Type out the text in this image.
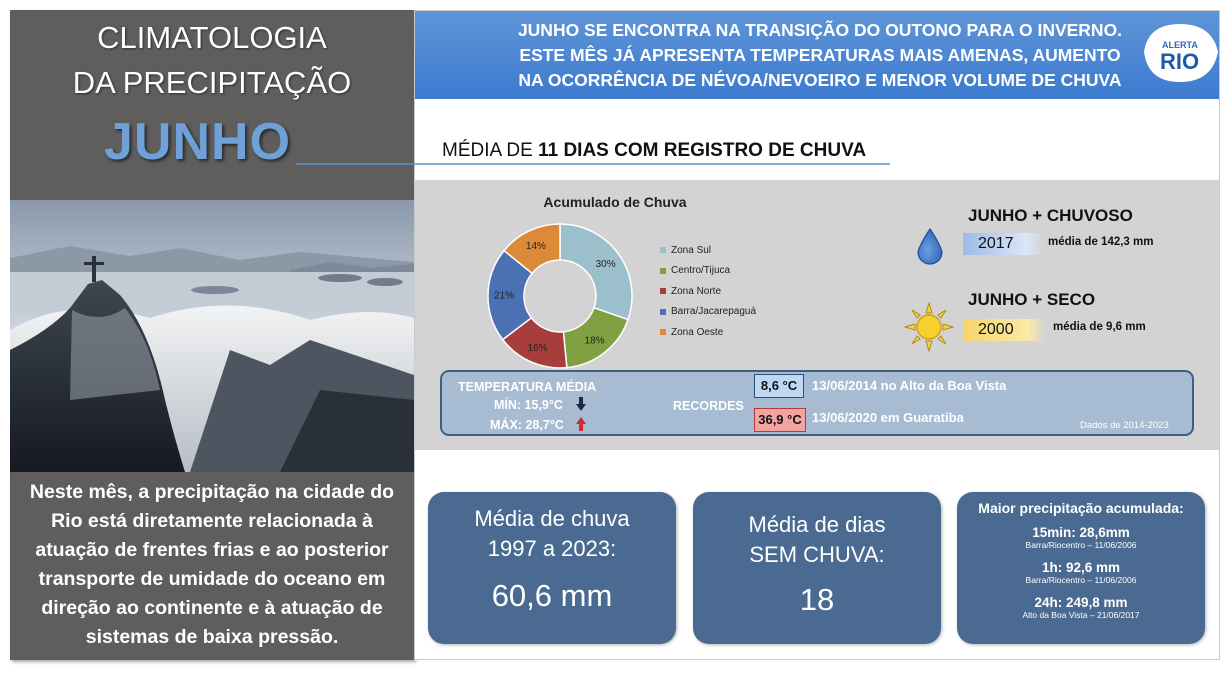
CLIMATOLOGIA
DA PRECIPITAÇÃO
JUNHO
Neste mês, a precipitação na cidade do Rio está diretamente relacionada à atuação de frentes frias e ao posterior transporte de umidade do oceano em direção ao continente e à atuação de sistemas de baixa pressão.
JUNHO SE ENCONTRA NA TRANSIÇÃO DO OUTONO PARA O INVERNO.
ESTE MÊS JÁ APRESENTA TEMPERATURAS MAIS AMENAS, AUMENTO
NA OCORRÊNCIA DE NÉVOA/NEVOEIRO E MENOR VOLUME DE CHUVA
ALERTA
RIO
MÉDIA DE 11 DIAS COM REGISTRO DE CHUVA
Acumulado de Chuva
30%
18%
16%
21%
14%	Zona Sul
Centro/Tijuca
Zona Norte
Barra/Jacarepaguá
Zona Oeste
JUNHO + CHUVOSO
2017	média de 142,3 mm
JUNHO + SECO
2000	média de 9,6 mm
TEMPERATURA MÉDIA
MÍN: 15,9°C
MÁX: 28,7°C
RECORDES
8,6 °C	13/06/2014 no Alto da Boa Vista
36,9 °C 13/06/2020 em Guaratiba
Dados de 2014-2023
Média de chuva
1997 a 2023:
60,6 mm
Média de dias
SEM CHUVA:
18
Maior precipitação acumulada:
15min: 28,6mm
Barra/Riocentro – 11/06/2006
1h: 92,6 mm
Barra/Riocentro – 11/06/2006
24h: 249,8 mm
Alto da Boa Vista – 21/06/2017
